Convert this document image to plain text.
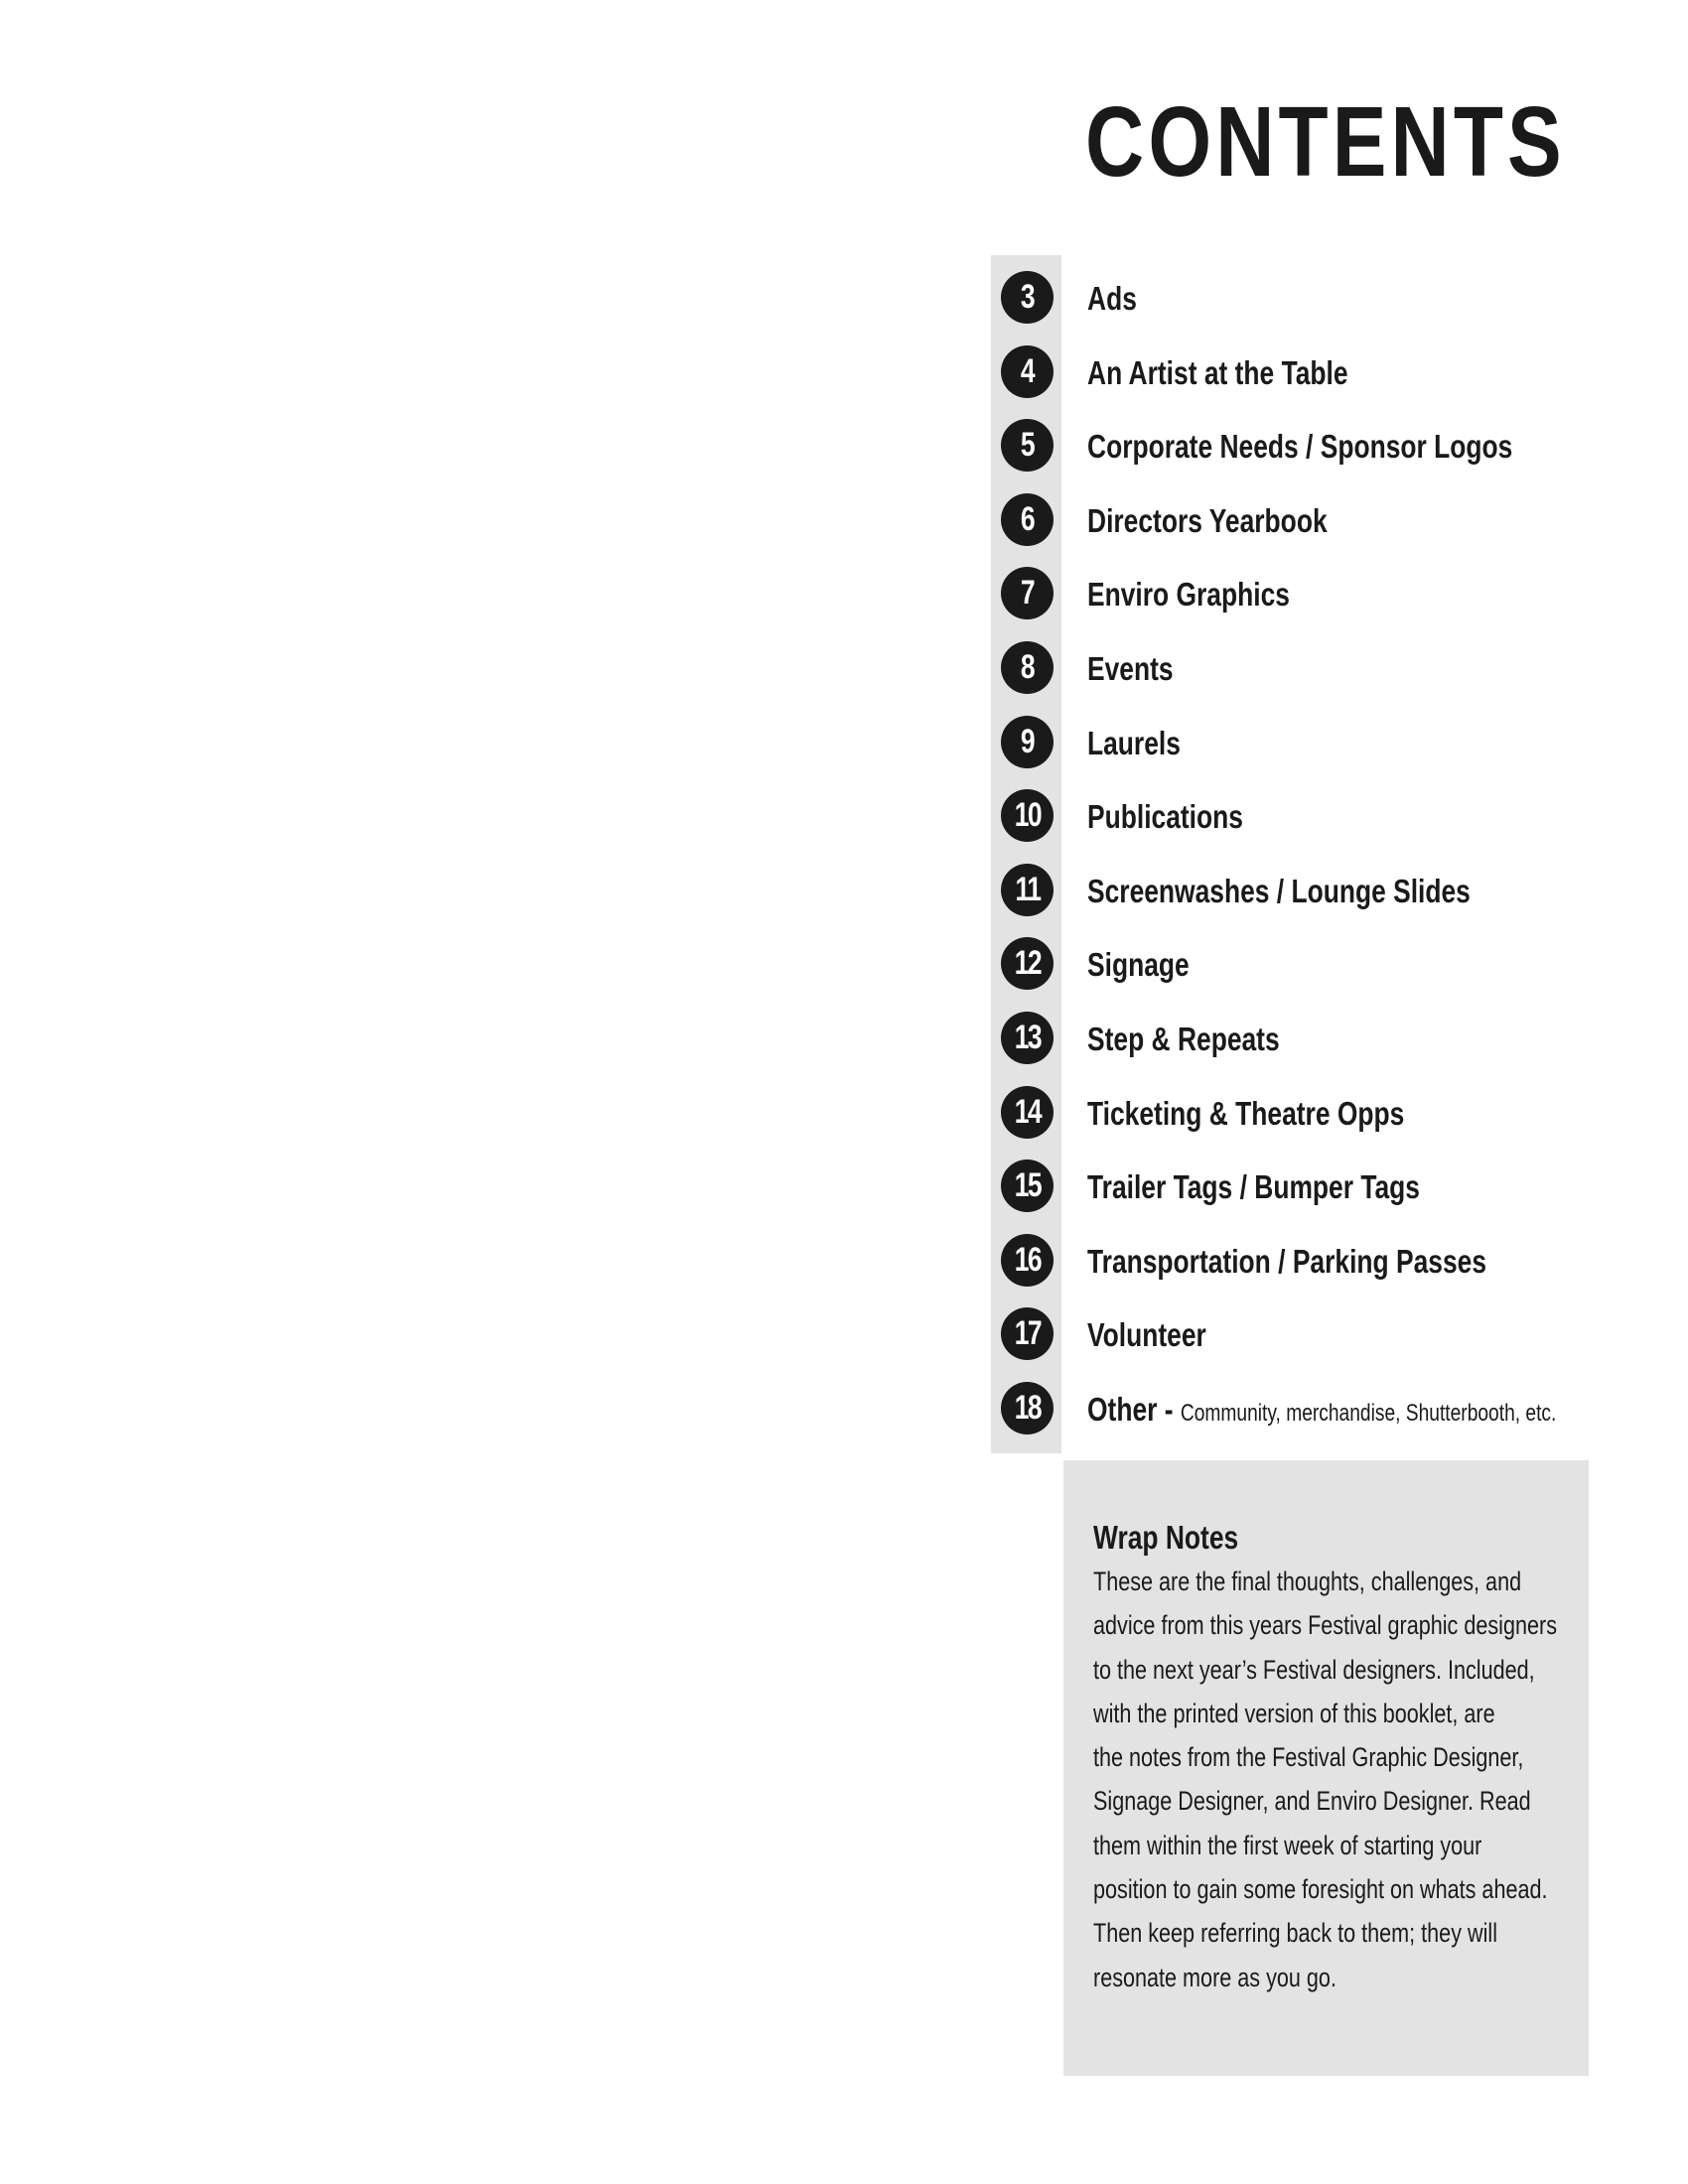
CONTENTS
3 Ads
4 An Artist at the Table
5 Corporate Needs / Sponsor Logos
6 Directors Yearbook
7 Enviro Graphics
8 Events
9 Laurels
10 Publications
11 Screenwashes / Lounge Slides
12 Signage
13 Step & Repeats
14 Ticketing & Theatre Opps
15 Trailer Tags / Bumper Tags
16 Transportation / Parking Passes
17 Volunteer
18 Other - Community, merchandise, Shutterbooth, etc.
Wrap Notes

These are the final thoughts, challenges, and
advice from this years Festival graphic designers
to the next year’s Festival designers. Included,
with the printed version of this booklet, are
the notes from the Festival Graphic Designer,
Signage Designer, and Enviro Designer. Read
them within the first week of starting your
position to gain some foresight on whats ahead.
Then keep referring back to them; they will
resonate more as you go.
